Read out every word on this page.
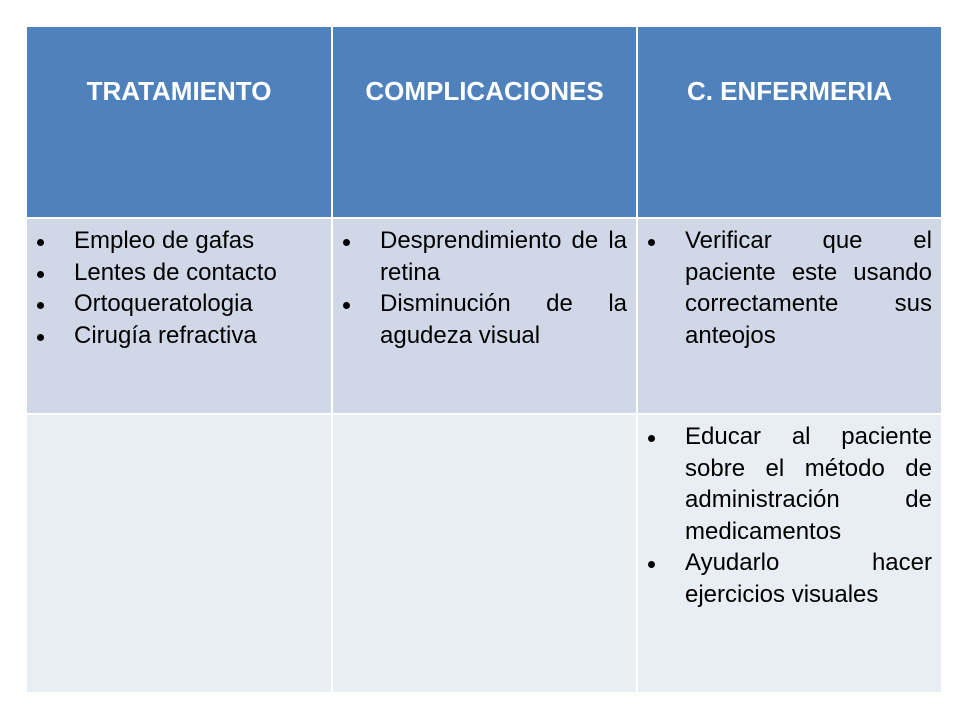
TRATAMIENTO	COMPLICACIONES	C. ENFERMERIA
Empleo de gafas
Lentes de contacto
Ortoqueratologia
Cirugía refractiva
Desprendimiento de la retina
Disminución de la agudeza visual
Verificar que el paciente este usando correctamente sus anteojos
Educar al paciente sobre el método de administración de medicamentos
Ayudarlo hacer ejercicios visuales
